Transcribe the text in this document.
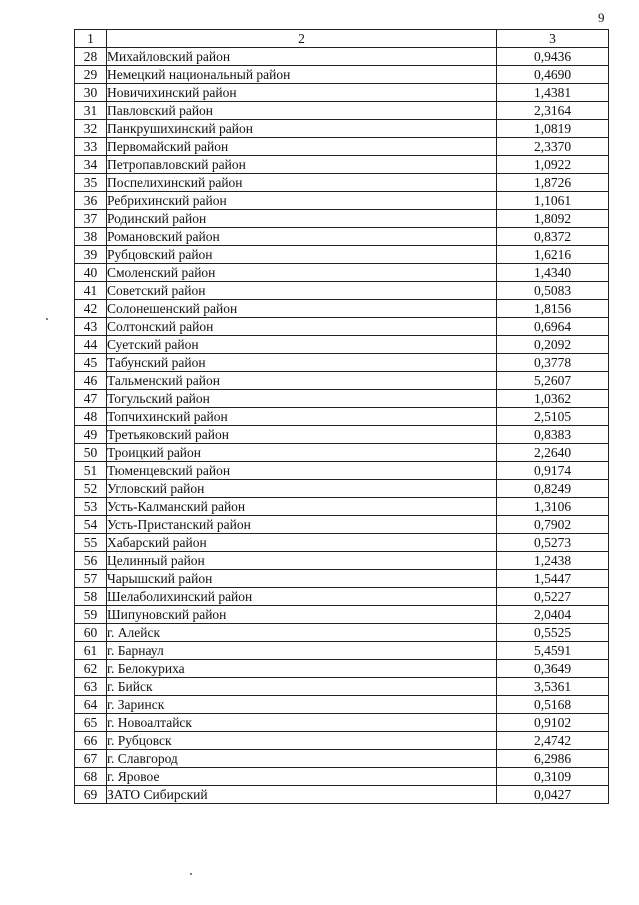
9
1	2	3
28	Михайловский район	0,9436
29	Немецкий национальный район	0,4690
30	Новичихинский район	1,4381
31	Павловский район	2,3164
32	Панкрушихинский район	1,0819
33	Первомайский район	2,3370
34	Петропавловский район	1,0922
35	Поспелихинский район	1,8726
36	Ребрихинский район	1,1061
37	Родинский район	1,8092
38	Романовский район	0,8372
39	Рубцовский район	1,6216
40	Смоленский район	1,4340
41	Советский район	0,5083
42	Солонешенский район	1,8156
43	Солтонский район	0,6964
44	Суетский район	0,2092
45	Табунский район	0,3778
46	Тальменский район	5,2607
47	Тогульский район	1,0362
48	Топчихинский район	2,5105
49	Третьяковский район	0,8383
50	Троицкий район	2,2640
51	Тюменцевский район	0,9174
52	Угловский район	0,8249
53	Усть-Калманский район	1,3106
54	Усть-Пристанский район	0,7902
55	Хабарский район	0,5273
56	Целинный район	1,2438
57	Чарышский район	1,5447
58	Шелаболихинский район	0,5227
59	Шипуновский район	2,0404
60	г. Алейск	0,5525
61	г. Барнаул	5,4591
62	г. Белокуриха	0,3649
63	г. Бийск	3,5361
64	г. Заринск	0,5168
65	г. Новоалтайск	0,9102
66	г. Рубцовск	2,4742
67	г. Славгород	6,2986
68	г. Яровое	0,3109
69	ЗАТО Сибирский	0,0427
